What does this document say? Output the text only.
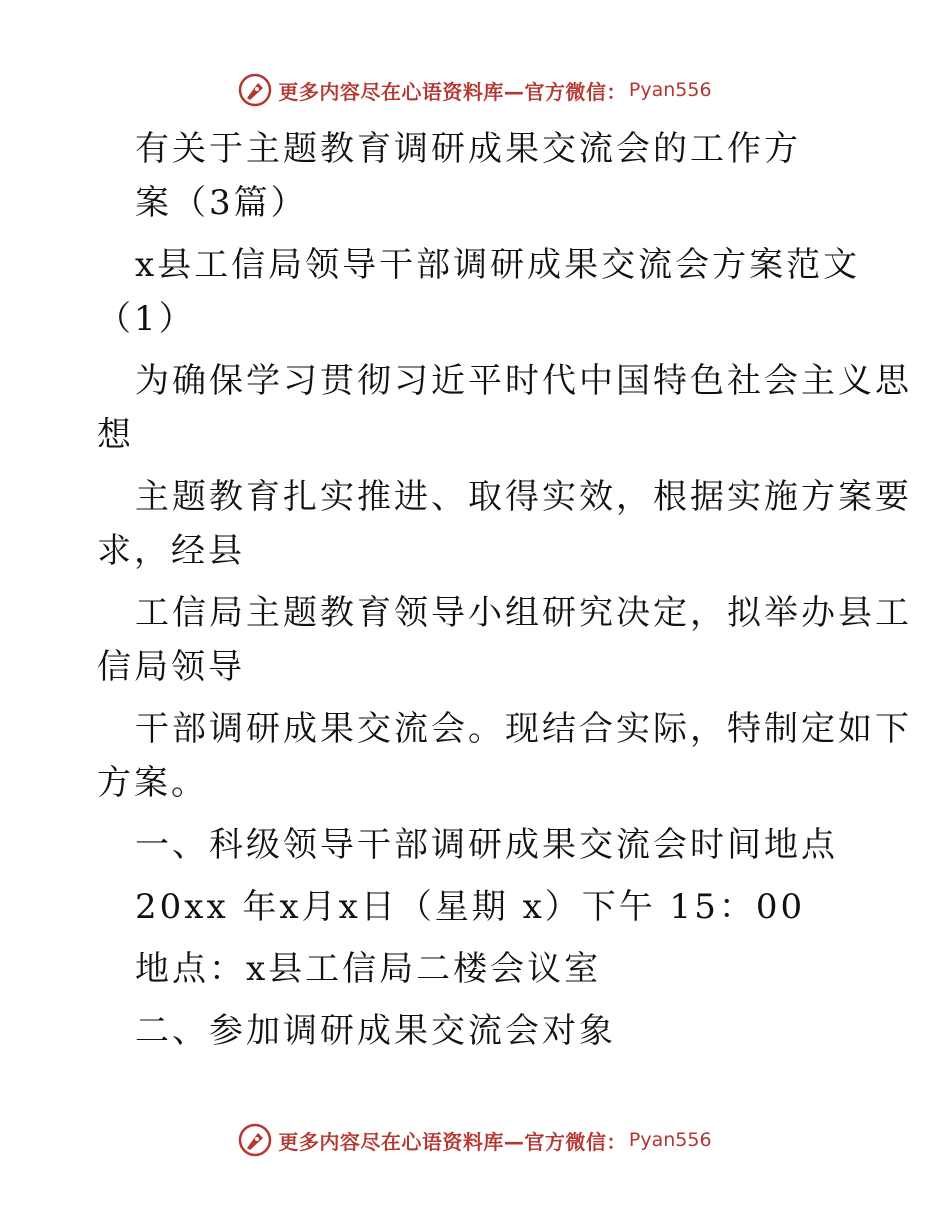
更多内容尽在心语资料库—官方微信： Pyan556
有关于主题教育调研成果交流会的工作方
案（3篇）
x县工信局领导干部调研成果交流会方案范文
（1）
为确保学习贯彻习近平时代中国特色社会主义思
想
主题教育扎实推进、取得实效，根据实施方案要
求，经县
工信局主题教育领导小组研究决定，拟举办县工
信局领导
干部调研成果交流会。现结合实际，特制定如下
方案。
一、科级领导干部调研成果交流会时间地点
20xx 年x月x日（星期 x）下午 15：00
地点：x县工信局二楼会议室
二、参加调研成果交流会对象
更多内容尽在心语资料库—官方微信： Pyan556
